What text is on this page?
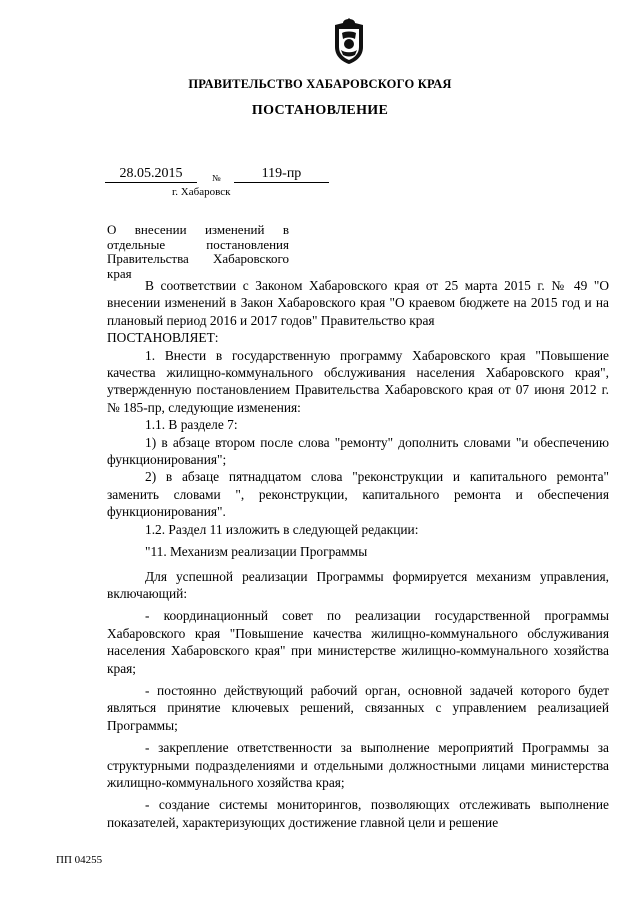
ПРАВИТЕЛЬСТВО ХАБАРОВСКОГО КРАЯ
ПОСТАНОВЛЕНИЕ
28.05.2015	№	119-пр
г. Хабаровск
О внесении изменений в отдельные постановления Правительства Хабаровского края

В соответствии с Законом Хабаровского края от 25 марта 2015 г. № 49 "О внесении изменений в Закон Хабаровского края "О краевом бюджете на 2015 год и на плановый период 2016 и 2017 годов" Правительство края

ПОСТАНОВЛЯЕТ:

1. Внести в государственную программу Хабаровского края "Повышение качества жилищно-коммунального обслуживания населения Хабаровского края", утвержденную постановлением Правительства Хабаровского края от 07 июня 2012 г. № 185-пр, следующие изменения:

1.1. В разделе 7:

1) в абзаце втором после слова "ремонту" дополнить словами "и обеспечению функционирования";

2) в абзаце пятнадцатом слова "реконструкции и капитального ремонта" заменить словами ", реконструкции, капитального ремонта и обеспечения функционирования".

1.2. Раздел 11 изложить в следующей редакции:

"11. Механизм реализации Программы

Для успешной реализации Программы формируется механизм управления, включающий:

- координационный совет по реализации государственной программы Хабаровского края "Повышение качества жилищно-коммунального обслуживания населения Хабаровского края" при министерстве жилищно-коммунального хозяйства края;

- постоянно действующий рабочий орган, основной задачей которого будет являться принятие ключевых решений, связанных с управлением реализацией Программы;

- закрепление ответственности за выполнение мероприятий Программы за структурными подразделениями и отдельными должностными лицами министерства жилищно-коммунального хозяйства края;

- создание системы мониторингов, позволяющих отслеживать выполнение показателей, характеризующих достижение главной цели и решение

ПП 04255
